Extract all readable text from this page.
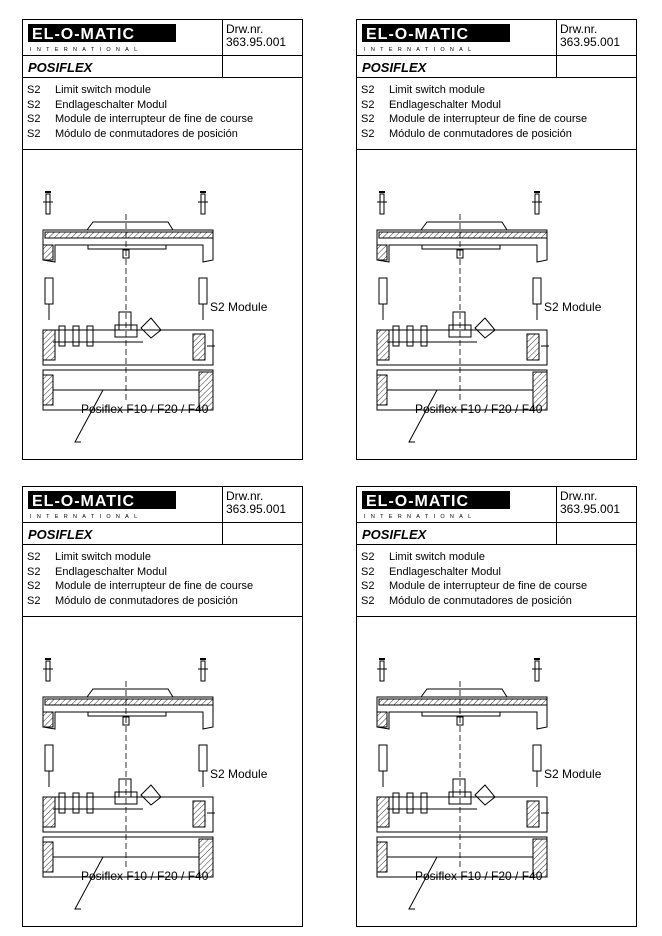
EL-O-MATIC
INTERNATIONAL
Drw.nr.
363.95.001
POSIFLEX
S2 Limit switch module
S2 Endlageschalter Modul
S2 Module de interrupteur de fine de course
S2 Módulo de conmutadores de posición
S2 Module
Posiflex F10 / F20 / F40
EL-O-MATIC
INTERNATIONAL
Drw.nr.
363.95.001
POSIFLEX
S2 Limit switch module
S2 Endlageschalter Modul
S2 Module de interrupteur de fine de course
S2 Módulo de conmutadores de posición
S2 Module
Posiflex F10 / F20 / F40
EL-O-MATIC
INTERNATIONAL
Drw.nr.
363.95.001
POSIFLEX
S2 Limit switch module
S2 Endlageschalter Modul
S2 Module de interrupteur de fine de course
S2 Módulo de conmutadores de posición
S2 Module
Posiflex F10 / F20 / F40
EL-O-MATIC
INTERNATIONAL
Drw.nr.
363.95.001
POSIFLEX
S2 Limit switch module
S2 Endlageschalter Modul
S2 Module de interrupteur de fine de course
S2 Módulo de conmutadores de posición
S2 Module
Posiflex F10 / F20 / F40
